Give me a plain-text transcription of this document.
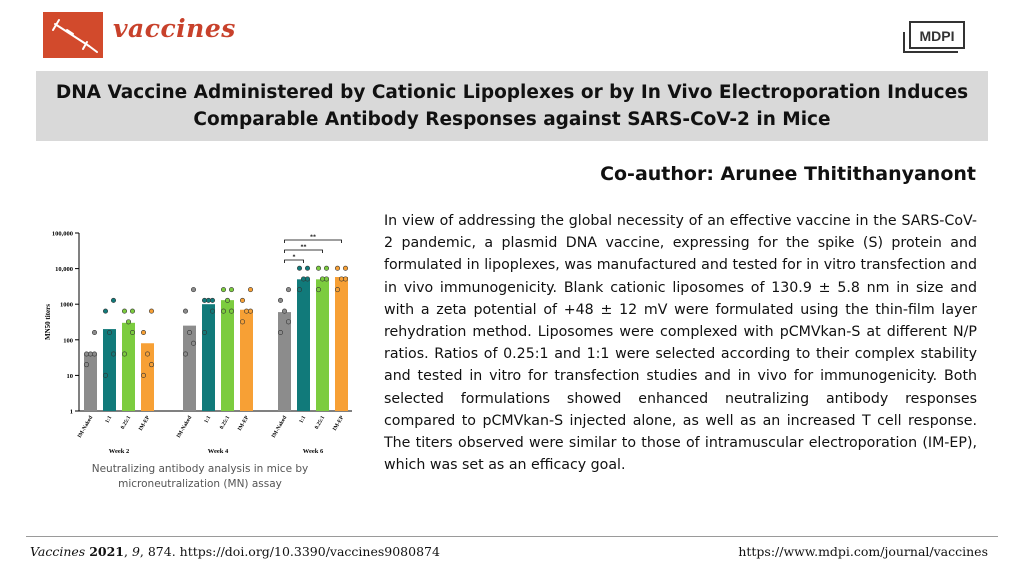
vaccines	MDPI
DNA Vaccine Administered by Cationic Lipoplexes or by In Vivo Electroporation Induces
Comparable Antibody Responses against SARS-CoV-2 in Mice
Co-author: Arunee Thitithanyanont
In view of addressing the global necessity of an effective vaccine in the SARS-CoV-2 pandemic, a plasmid DNA vaccine, expressing for the spike (S) protein and formulated in lipoplexes, was manufactured and tested for in vitro transfection and in vivo immunogenicity. Blank cationic liposomes of 130.9 ± 5.8 nm in size and with a zeta potential of +48 ± 12 mV were formulated using the thin-film layer rehydration method. Liposomes were complexed with pCMVkan-S at different N/P ratios. Ratios of 0.25:1 and 1:1 were selected according to their complex stability and tested in vitro for transfection studies and in vivo for immunogenicity. Both selected formulations showed enhanced neutralizing antibody responses compared to pCMVkan-S injected alone, as well as an increased T cell response. The titers observed were similar to those of intramuscular electroporation (IM-EP), which was set as an efficacy goal.
1
10
100
1000
10,000
100,000
MN50 titers
IM-Naked 1:1 0.25:1 IM-EP
Week 2
IM-Naked 1:1 0.25:1 IM-EP
Week 4
IM-Naked 1:1 0.25:1 IM-EP
Week 6
*
**
**
Neutralizing antibody analysis in mice by
microneutralization (MN) assay
Vaccines 2021, 9, 874. https://doi.org/10.3390/vaccines9080874	https://www.mdpi.com/journal/vaccines
